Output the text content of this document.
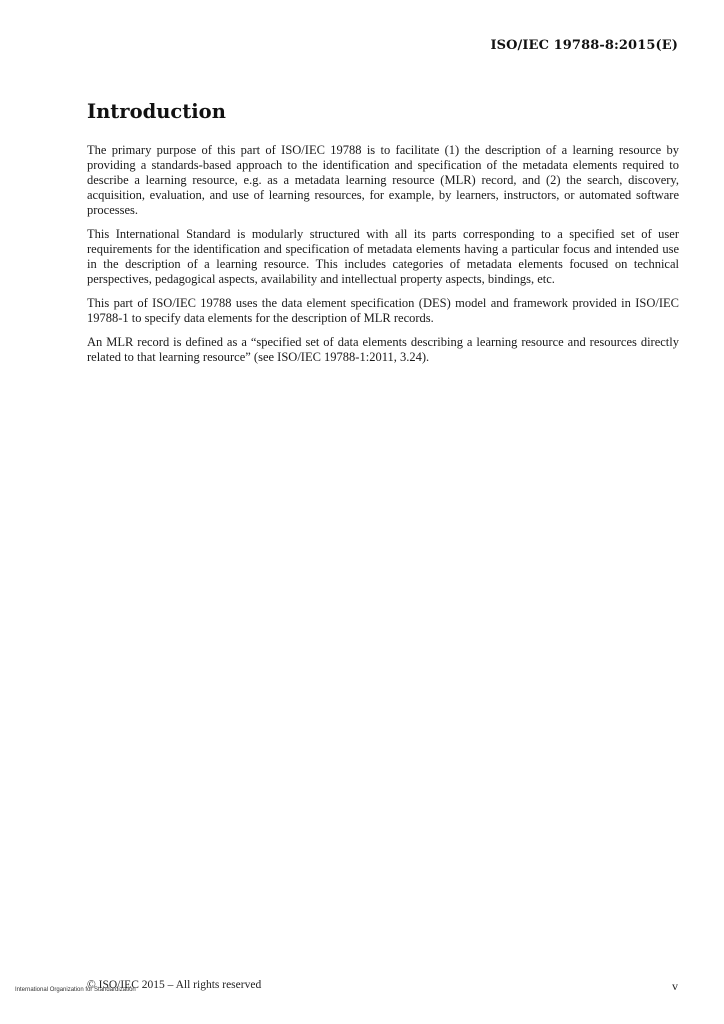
ISO/IEC 19788-8:2015(E)
Introduction

The primary purpose of this part of ISO/IEC 19788 is to facilitate (1) the description of a learning resource by providing a standards-based approach to the identification and specification of the metadata elements required to describe a learning resource, e.g. as a metadata learning resource (MLR) record, and (2) the search, discovery, acquisition, evaluation, and use of learning resources, for example, by learners, instructors, or automated software processes.

This International Standard is modularly structured with all its parts corresponding to a specified set of user requirements for the identification and specification of metadata elements having a particular focus and intended use in the description of a learning resource. This includes categories of metadata elements focused on technical perspectives, pedagogical aspects, availability and intellectual property aspects, bindings, etc.

This part of ISO/IEC 19788 uses the data element specification (DES) model and framework provided in ISO/IEC 19788-1 to specify data elements for the description of MLR records.

An MLR record is defined as a “specified set of data elements describing a learning resource and resources directly related to that learning resource” (see ISO/IEC 19788-1:2011, 3.24).

International Organization for Standardization
© ISO/IEC 2015 – All rights reserved	v
